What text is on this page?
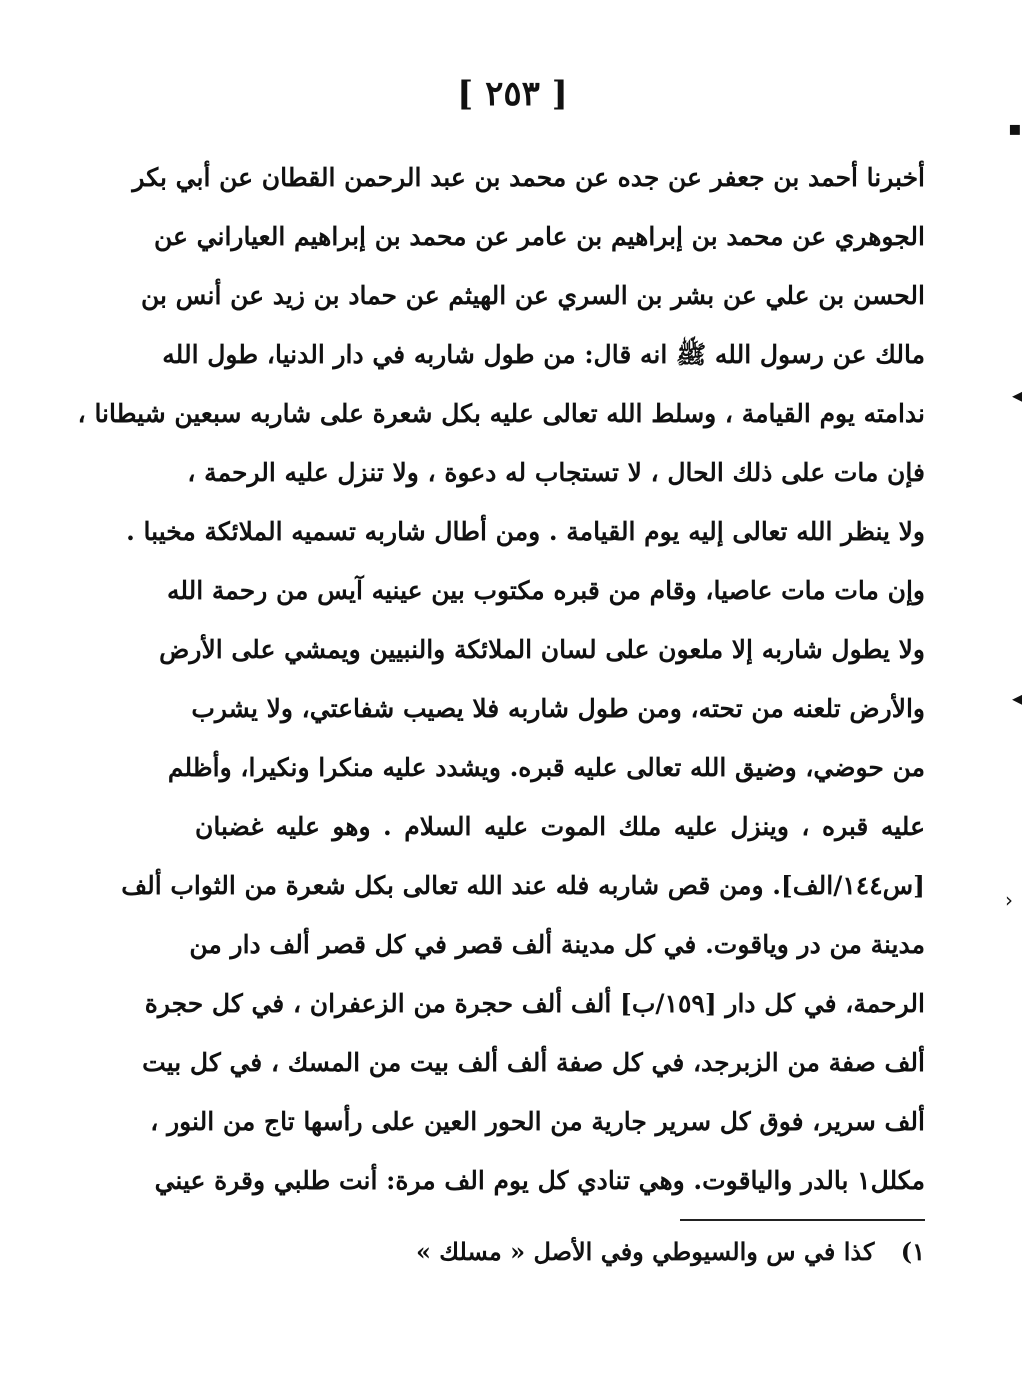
[ ٢٥٣ ]
أخبرنا أحمد بن جعفر عن جده عن محمد بن عبد الرحمن القطان عن أبي بكر
الجوهري عن محمد بن إبراهيم بن عامر عن محمد بن إبراهيم العياراني عن
الحسن بن علي عن بشر بن السري عن الهيثم عن حماد بن زيد عن أنس بن
مالك عن رسول الله ﷺ انه قال: من طول شاربه في دار الدنيا، طول الله
ندامته يوم القيامة ، وسلط الله تعالى عليه بكل شعرة على شاربه سبعين شيطانا ،
فإن مات على ذلك الحال ، لا تستجاب له دعوة ، ولا تنزل عليه الرحمة ،
ولا ينظر الله تعالى إليه يوم القيامة . ومن أطال شاربه تسميه الملائكة مخيبا .
وإن مات مات عاصيا، وقام من قبره مكتوب بين عينيه آيس من رحمة الله
ولا يطول شاربه إلا ملعون على لسان الملائكة والنبيين ويمشي على الأرض
والأرض تلعنه من تحته، ومن طول شاربه فلا يصيب شفاعتي، ولا يشرب
من حوضي، وضيق الله تعالى عليه قبره. ويشدد عليه منكرا ونكيرا، وأظلم
عليه قبره ، وينزل عليه ملك الموت عليه السلام . وهو عليه غضبان
[س١٤٤/الف]. ومن قص شاربه فله عند الله تعالى بكل شعرة من الثواب ألف
مدينة من در وياقوت. في كل مدينة ألف قصر في كل قصر ألف دار من
الرحمة، في كل دار [١٥٩/ب] ألف ألف حجرة من الزعفران ، في كل حجرة
ألف صفة من الزبرجد، في كل صفة ألف ألف بيت من المسك ، في كل بيت
ألف سرير، فوق كل سرير جارية من الحور العين على رأسها تاج من النور ،
مكلل١ بالدر والياقوت. وهي تنادي كل يوم الف مرة: أنت طلبي وقرة عيني
١) كذا في س والسيوطي وفي الأصل « مسلك »
▪
◂
◂
›
